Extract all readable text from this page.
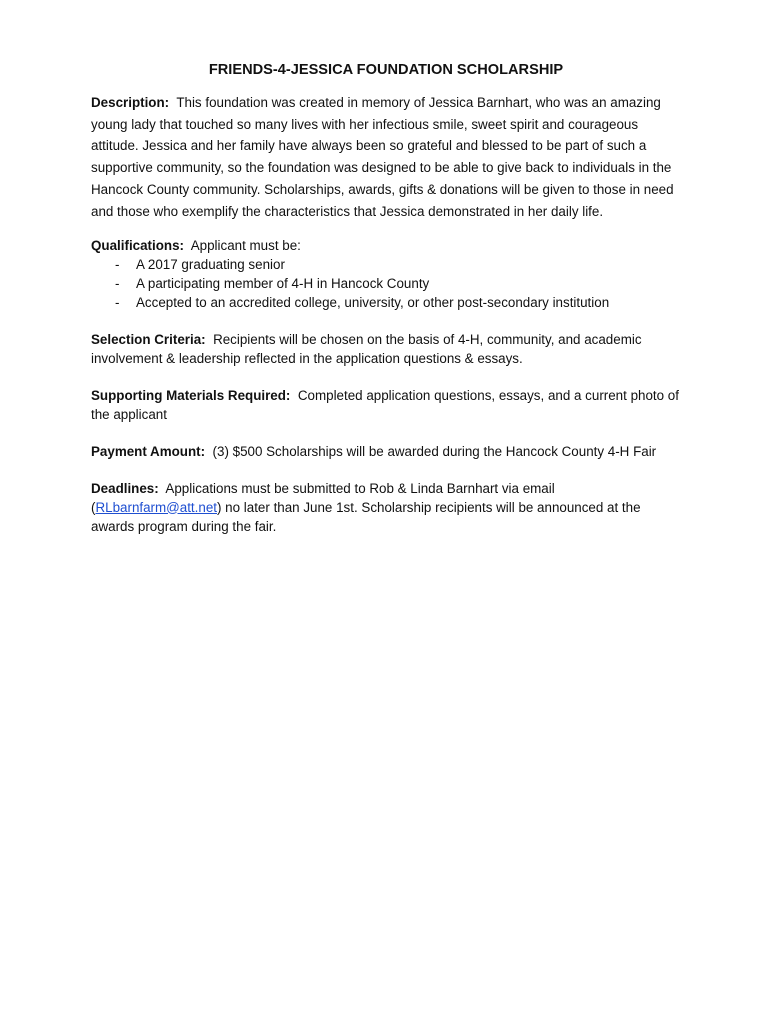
FRIENDS-4-JESSICA FOUNDATION SCHOLARSHIP
Description: This foundation was created in memory of Jessica Barnhart, who was an amazing young lady that touched so many lives with her infectious smile, sweet spirit and courageous attitude. Jessica and her family have always been so grateful and blessed to be part of such a supportive community, so the foundation was designed to be able to give back to individuals in the Hancock County community. Scholarships, awards, gifts & donations will be given to those in need and those who exemplify the characteristics that Jessica demonstrated in her daily life.
Qualifications: Applicant must be:
- A 2017 graduating senior
- A participating member of 4-H in Hancock County
- Accepted to an accredited college, university, or other post-secondary institution
Selection Criteria: Recipients will be chosen on the basis of 4-H, community, and academic involvement & leadership reflected in the application questions & essays.
Supporting Materials Required: Completed application questions, essays, and a current photo of the applicant
Payment Amount: (3) $500 Scholarships will be awarded during the Hancock County 4-H Fair
Deadlines: Applications must be submitted to Rob & Linda Barnhart via email (RLbarnfarm@att.net) no later than June 1st. Scholarship recipients will be announced at the awards program during the fair.
